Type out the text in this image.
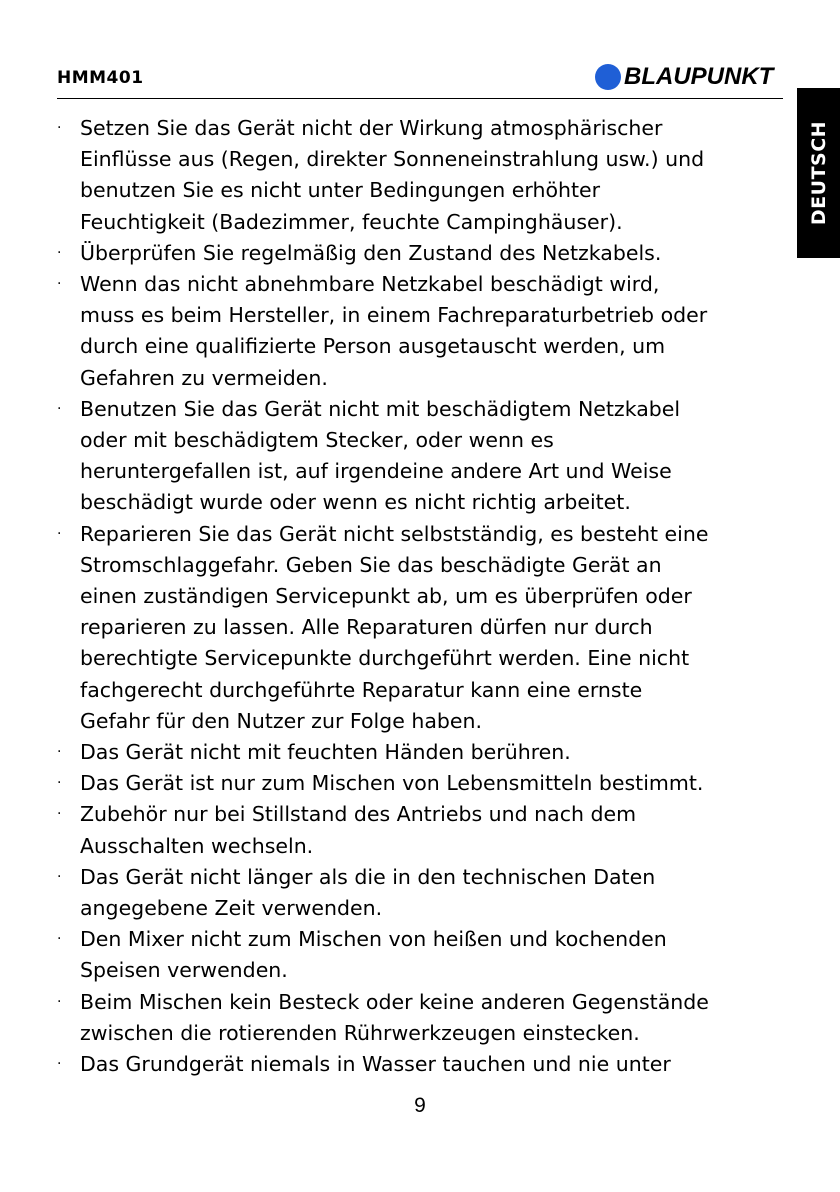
HMM401	BLAUPUNKT
DEUTSCH
· Setzen Sie das Gerät nicht der Wirkung atmosphärischer
Einflüsse aus (Regen, direkter Sonneneinstrahlung usw.) und
benutzen Sie es nicht unter Bedingungen erhöhter
Feuchtigkeit (Badezimmer, feuchte Campinghäuser).
· Überprüfen Sie regelmäßig den Zustand des Netzkabels.
· Wenn das nicht abnehmbare Netzkabel beschädigt wird,
muss es beim Hersteller, in einem Fachreparaturbetrieb oder
durch eine qualifizierte Person ausgetauscht werden, um
Gefahren zu vermeiden.
· Benutzen Sie das Gerät nicht mit beschädigtem Netzkabel
oder mit beschädigtem Stecker, oder wenn es
heruntergefallen ist, auf irgendeine andere Art und Weise
beschädigt wurde oder wenn es nicht richtig arbeitet.
· Reparieren Sie das Gerät nicht selbstständig, es besteht eine
Stromschlaggefahr. Geben Sie das beschädigte Gerät an
einen zuständigen Servicepunkt ab, um es überprüfen oder
reparieren zu lassen. Alle Reparaturen dürfen nur durch
berechtigte Servicepunkte durchgeführt werden. Eine nicht
fachgerecht durchgeführte Reparatur kann eine ernste
Gefahr für den Nutzer zur Folge haben.
· Das Gerät nicht mit feuchten Händen berühren.
· Das Gerät ist nur zum Mischen von Lebensmitteln bestimmt.
· Zubehör nur bei Stillstand des Antriebs und nach dem
Ausschalten wechseln.
· Das Gerät nicht länger als die in den technischen Daten
angegebene Zeit verwenden.
· Den Mixer nicht zum Mischen von heißen und kochenden
Speisen verwenden.
· Beim Mischen kein Besteck oder keine anderen Gegenstände
zwischen die rotierenden Rührwerkzeugen einstecken.
· Das Grundgerät niemals in Wasser tauchen und nie unter
9
